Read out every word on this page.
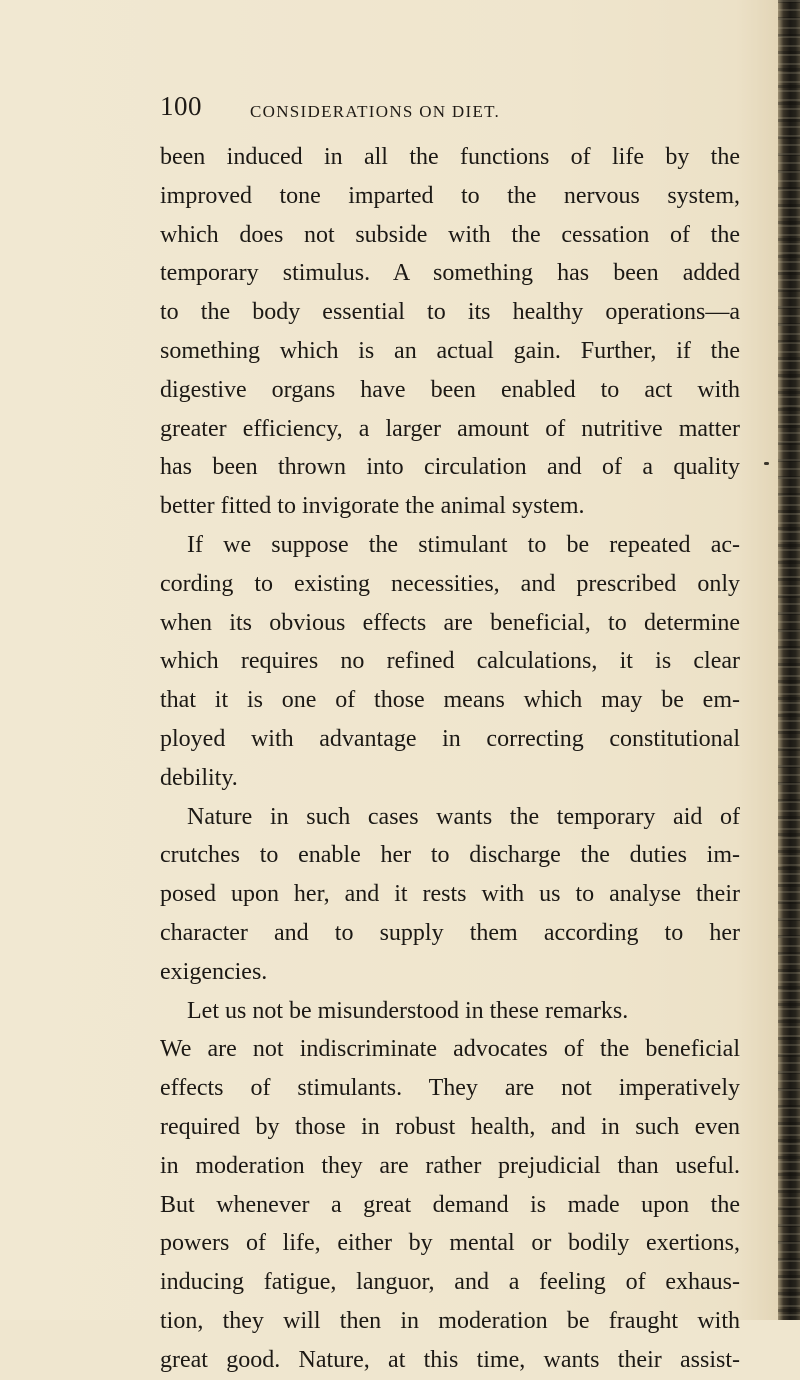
100	CONSIDERATIONS ON DIET.
been induced in all the functions of life by the
improved tone imparted to the nervous system,
which does not subside with the cessation of the
temporary stimulus. A something has been added
to the body essential to its healthy operations—a
something which is an actual gain. Further, if the
digestive organs have been enabled to act with
greater efficiency, a larger amount of nutritive matter
has been thrown into circulation and of a quality
better fitted to invigorate the animal system.
If we suppose the stimulant to be repeated ac-
cording to existing necessities, and prescribed only
when its obvious effects are beneficial, to determine
which requires no refined calculations, it is clear
that it is one of those means which may be em-
ployed with advantage in correcting constitutional
debility.
Nature in such cases wants the temporary aid of
crutches to enable her to discharge the duties im-
posed upon her, and it rests with us to analyse their
character and to supply them according to her
exigencies.
Let us not be misunderstood in these remarks.
We are not indiscriminate advocates of the beneficial
effects of stimulants. They are not imperatively
required by those in robust health, and in such even
in moderation they are rather prejudicial than useful.
But whenever a great demand is made upon the
powers of life, either by mental or bodily exertions,
inducing fatigue, languor, and a feeling of exhaus-
tion, they will then in moderation be fraught with
great good. Nature, at this time, wants their assist-
